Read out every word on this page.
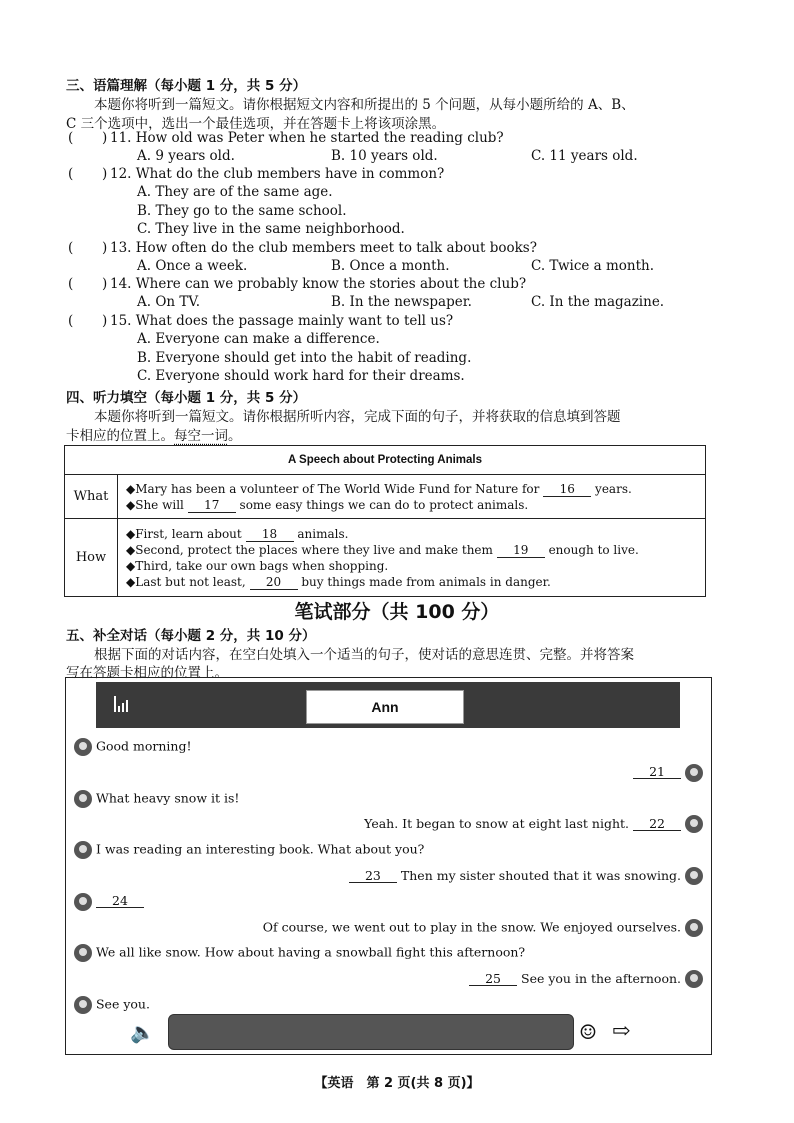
三、语篇理解（每小题 1 分，共 5 分）
本题你将听到一篇短文。请你根据短文内容和所提出的 5 个问题，从每小题所给的 A、B、
C 三个选项中，选出一个最佳选项，并在答题卡上将该项涂黑。
( ) 11. How old was Peter when he started the reading club?
A. 9 years old.	B. 10 years old.	C. 11 years old.
( ) 12. What do the club members have in common?
A. They are of the same age.
B. They go to the same school.
C. They live in the same neighborhood.
( ) 13. How often do the club members meet to talk about books?
A. Once a week.	B. Once a month.	C. Twice a month.
( ) 14. Where can we probably know the stories about the club?
A. On TV.	B. In the newspaper.	C. In the magazine.
( ) 15. What does the passage mainly want to tell us?
A. Everyone can make a difference.
B. Everyone should get into the habit of reading.
C. Everyone should work hard for their dreams.
四、听力填空（每小题 1 分，共 5 分）
本题你将听到一篇短文。请你根据所听内容，完成下面的句子，并将获取的信息填到答题
卡相应的位置上。每空一词。
A Speech about Protecting Animals	
What	◆Mary has been a volunteer of The World Wide Fund for Nature for 16 years.
◆She will 17 some easy things we can do to protect animals.

How	◆First, learn about 18 animals.
◆Second, protect the places where they live and make them 19 enough to live.
◆Third, take our own bags when shopping.
◆Last but not least, 20 buy things made from animals in danger.
笔试部分（共 100 分）
五、补全对话（每小题 2 分，共 10 分）
根据下面的对话内容，在空白处填入一个适当的句子，使对话的意思连贯、完整。并将答案
写在答题卡相应的位置上。
Ann
Good morning!
21
What heavy snow it is!
Yeah. It began to snow at eight last night. 22
I was reading an interesting book. What about you?
23 Then my sister shouted that it was snowing.
24
Of course, we went out to play in the snow. We enjoyed ourselves.
We all like snow. How about having a snowball fight this afternoon?
25 See you in the afternoon.
See you.
🔈	☺ ⇨
【英语　第 2 页(共 8 页)】
